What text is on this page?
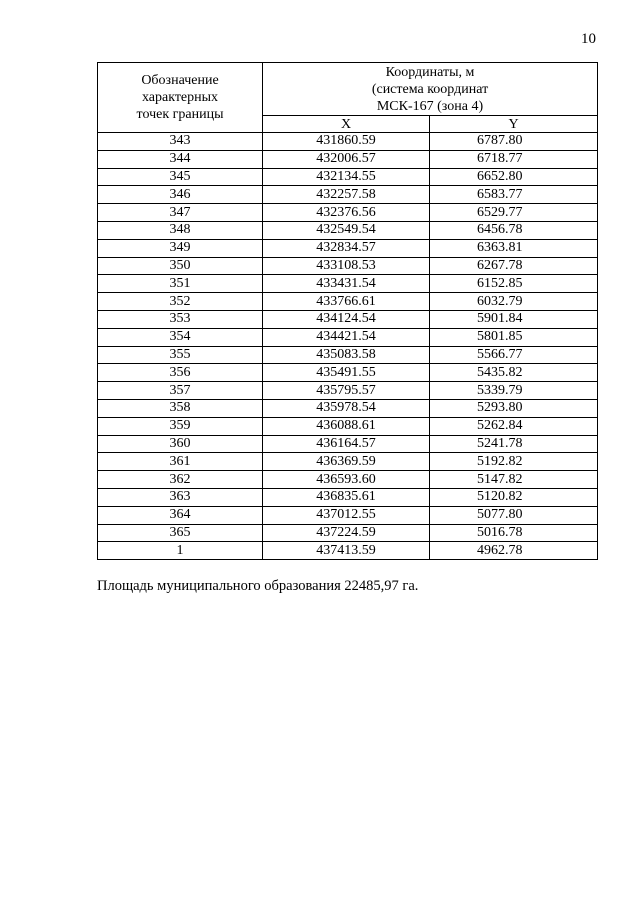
10
Обозначение
характерных
точек границы	Координаты, м
(система координат
МСК-167 (зона 4)	

	X	Y
343	431860.59	6787.80
344	432006.57	6718.77
345	432134.55	6652.80
346	432257.58	6583.77
347	432376.56	6529.77
348	432549.54	6456.78
349	432834.57	6363.81
350	433108.53	6267.78
351	433431.54	6152.85
352	433766.61	6032.79
353	434124.54	5901.84
354	434421.54	5801.85
355	435083.58	5566.77
356	435491.55	5435.82
357	435795.57	5339.79
358	435978.54	5293.80
359	436088.61	5262.84
360	436164.57	5241.78
361	436369.59	5192.82
362	436593.60	5147.82
363	436835.61	5120.82
364	437012.55	5077.80
365	437224.59	5016.78
1	437413.59	4962.78
Площадь муниципального образования 22485,97 га.
